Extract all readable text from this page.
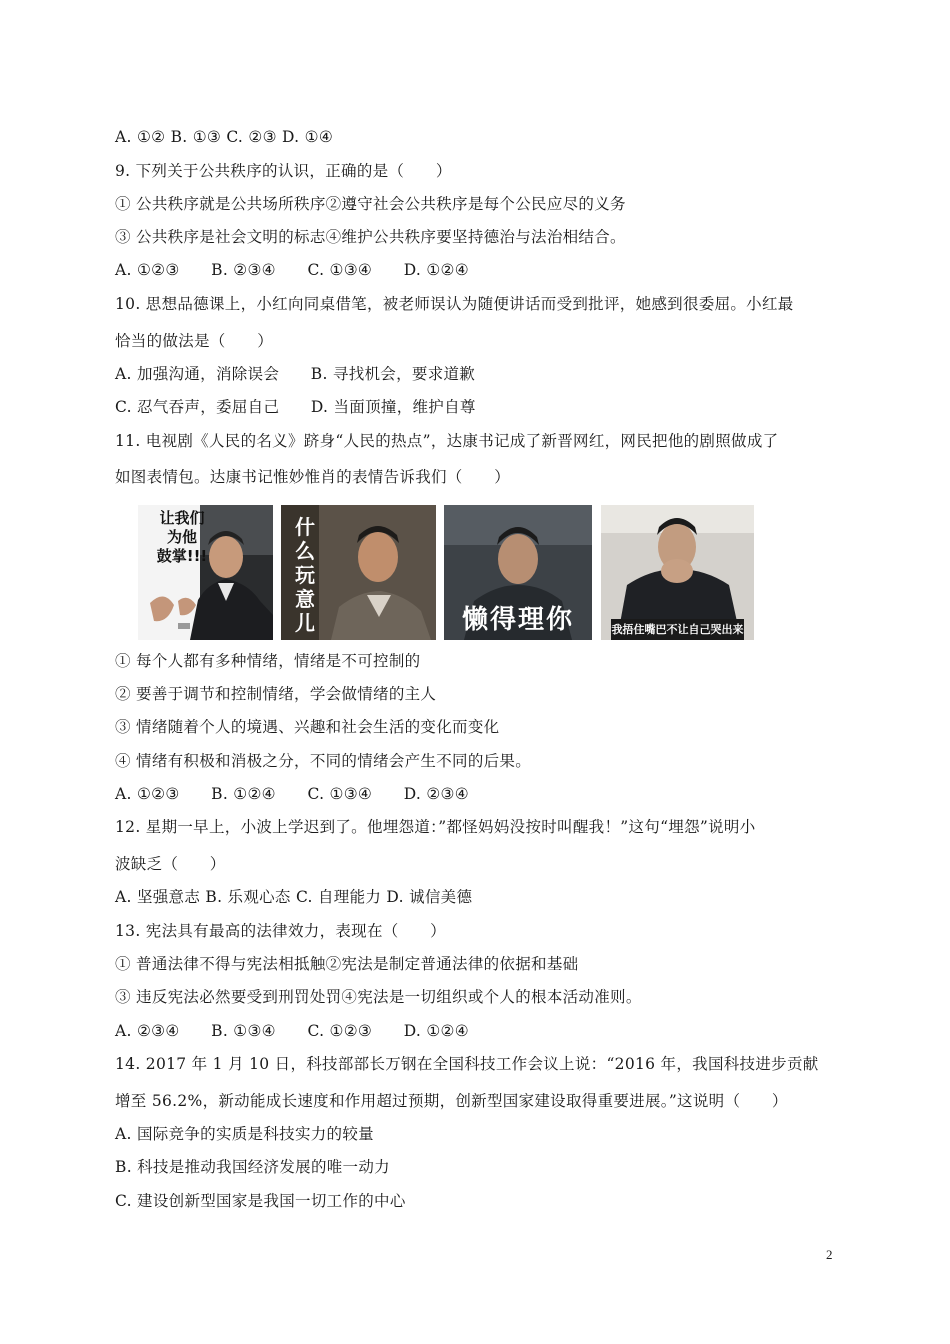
A. ①② B. ①③ C. ②③ D. ①④
9. 下列关于公共秩序的认识，正确的是（　　）
① 公共秩序就是公共场所秩序②遵守社会公共秩序是每个公民应尽的义务
③ 公共秩序是社会文明的标志④维护公共秩序要坚持德治与法治相结合。
A. ①②③　　B. ②③④　　C. ①③④　　D. ①②④
10. 思想品德课上，小红向同桌借笔，被老师误认为随便讲话而受到批评，她感到很委屈。小红最
恰当的做法是（　　）
A. 加强沟通，消除误会　　B. 寻找机会，要求道歉
C. 忍气吞声，委屈自己　　D. 当面顶撞，维护自尊
11. 电视剧《人民的名义》跻身“人民的热点”，达康书记成了新晋网红，网民把他的剧照做成了
如图表情包。达康书记惟妙惟肖的表情告诉我们（　　）
让我们
为他
鼓掌!!!
什
么
玩
意
儿	懒得理你	我捂住嘴巴不让自己哭出来
① 每个人都有多种情绪，情绪是不可控制的
② 要善于调节和控制情绪，学会做情绪的主人
③ 情绪随着个人的境遇、兴趣和社会生活的变化而变化
④ 情绪有积极和消极之分，不同的情绪会产生不同的后果。
A. ①②③　　B. ①②④　　C. ①③④　　D. ②③④
12. 星期一早上，小波上学迟到了。他埋怨道：”都怪妈妈没按时叫醒我！”这句“埋怨”说明小
波缺乏（　　）
A. 坚强意志 B. 乐观心态 C. 自理能力 D. 诚信美德
13. 宪法具有最高的法律效力，表现在（　　）
① 普通法律不得与宪法相抵触②宪法是制定普通法律的依据和基础
③ 违反宪法必然要受到刑罚处罚④宪法是一切组织或个人的根本活动准则。
A. ②③④　　B. ①③④　　C. ①②③　　D. ①②④
14. 2017 年 1 月 10 日，科技部部长万钢在全国科技工作会议上说：“2016 年，我国科技进步贡献
增至 56.2%，新动能成长速度和作用超过预期，创新型国家建设取得重要进展。”这说明（　　）
A. 国际竞争的实质是科技实力的较量
B. 科技是推动我国经济发展的唯一动力
C. 建设创新型国家是我国一切工作的中心
2
